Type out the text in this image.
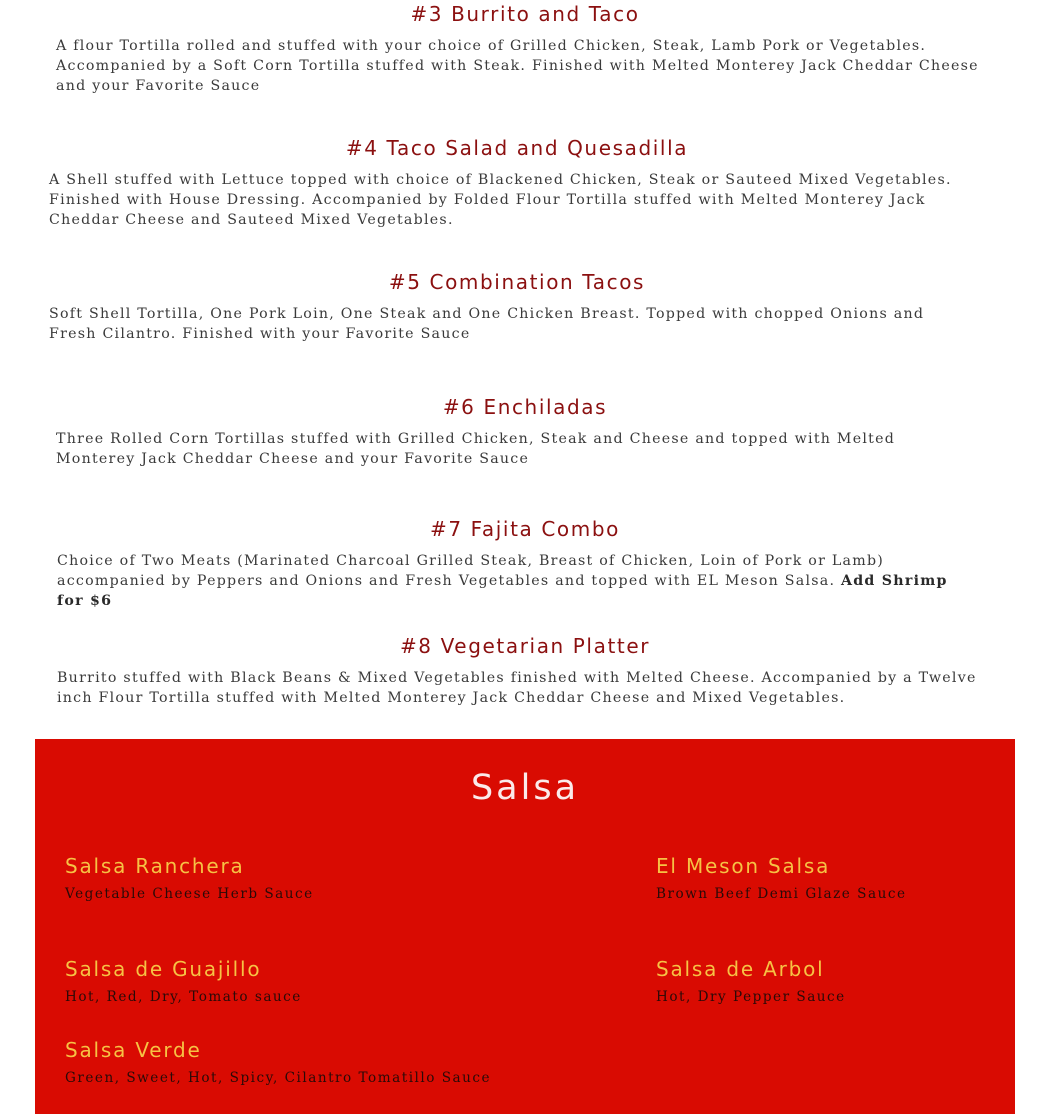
#3 Burrito and Taco

A flour Tortilla rolled and stuffed with your choice of Grilled Chicken, Steak, Lamb Pork or Vegetables. Accompanied by a Soft Corn Tortilla stuffed with Steak. Finished with Melted Monterey Jack Cheddar Cheese and your Favorite Sauce

#4 Taco Salad and Quesadilla

A Shell stuffed with Lettuce topped with choice of Blackened Chicken, Steak or Sauteed Mixed Vegetables. Finished with House Dressing. Accompanied by Folded Flour Tortilla stuffed with Melted Monterey Jack Cheddar Cheese and Sauteed Mixed Vegetables.

#5 Combination Tacos

Soft Shell Tortilla, One Pork Loin, One Steak and One Chicken Breast. Topped with chopped Onions and Fresh Cilantro. Finished with your Favorite Sauce

#6 Enchiladas

Three Rolled Corn Tortillas stuffed with Grilled Chicken, Steak and Cheese and topped with Melted Monterey Jack Cheddar Cheese and your Favorite Sauce

#7 Fajita Combo

Choice of Two Meats (Marinated Charcoal Grilled Steak, Breast of Chicken, Loin of Pork or Lamb) accompanied by Peppers and Onions and Fresh Vegetables and topped with EL Meson Salsa. Add Shrimp for $6

#8 Vegetarian Platter

Burrito stuffed with Black Beans & Mixed Vegetables finished with Melted Cheese. Accompanied by a Twelve inch Flour Tortilla stuffed with Melted Monterey Jack Cheddar Cheese and Mixed Vegetables.

Salsa
Salsa Ranchera

Vegetable Cheese Herb Sauce

El Meson Salsa

Brown Beef Demi Glaze Sauce

Salsa de Guajillo

Hot, Red, Dry, Tomato sauce

Salsa de Arbol

Hot, Dry Pepper Sauce

Salsa Verde

Green, Sweet, Hot, Spicy, Cilantro Tomatillo Sauce
